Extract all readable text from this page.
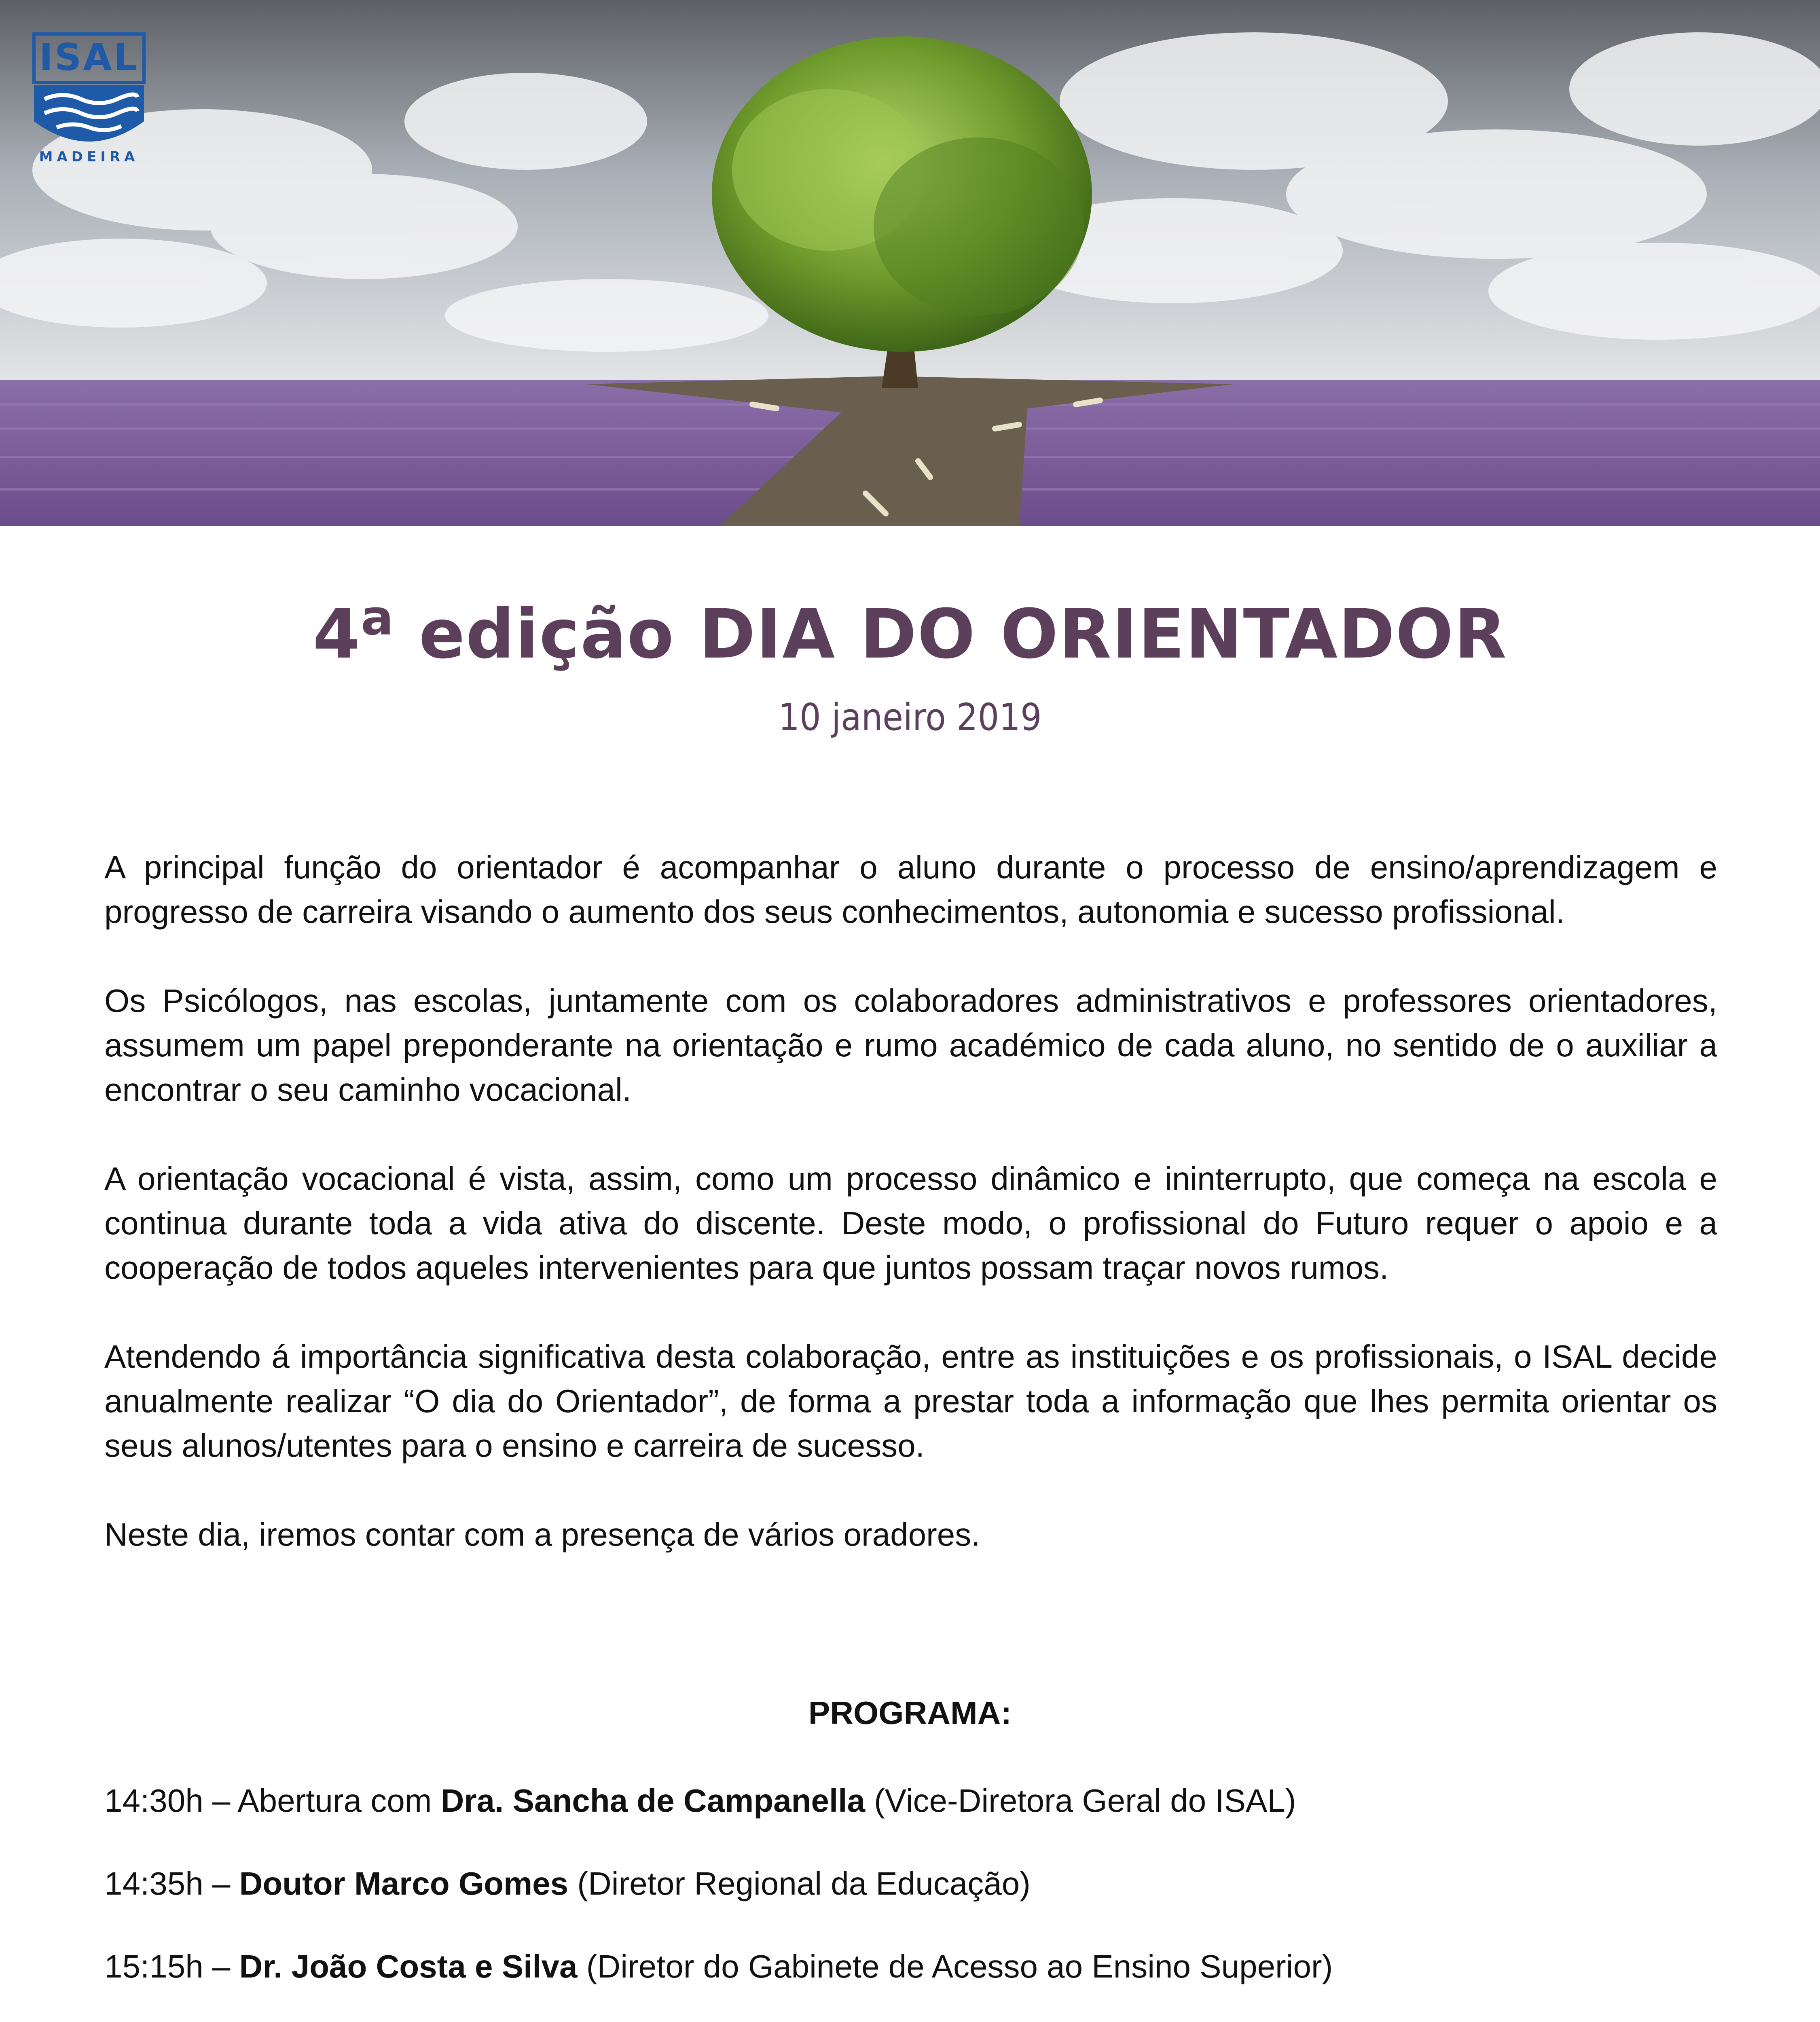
ISAL
MADEIRA
4$^a$ edição DIA DO ORIENTADOR
10 janeiro 2019

A principal função do orientador é acompanhar o aluno durante o processo de ensino/aprendizagem e progresso de carreira visando o aumento dos seus conhecimentos, autonomia e sucesso profissional.

Os Psicólogos, nas escolas, juntamente com os colaboradores administrativos e professores orientadores, assumem um papel preponderante na orientação e rumo académico de cada aluno, no sentido de o auxiliar a encontrar o seu caminho vocacional.

A orientação vocacional é vista, assim, como um processo dinâmico e ininterrupto, que começa na escola e continua durante toda a vida ativa do discente. Deste modo, o profissional do Futuro requer o apoio e a cooperação de todos aqueles intervenientes para que juntos possam traçar novos rumos.

Atendendo á importância significativa desta colaboração, entre as instituições e os profissionais, o ISAL decide anualmente realizar “O dia do Orientador”, de forma a prestar toda a informação que lhes permita orientar os seus alunos/utentes para o ensino e carreira de sucesso.

Neste dia, iremos contar com a presença de vários oradores.

PROGRAMA:
14:30h – Abertura com Dra. Sancha de Campanella (Vice-Diretora Geral do ISAL)
14:35h – Doutor Marco Gomes (Diretor Regional da Educação)
15:15h – Dr. João Costa e Silva (Diretor do Gabinete de Acesso ao Ensino Superior)
